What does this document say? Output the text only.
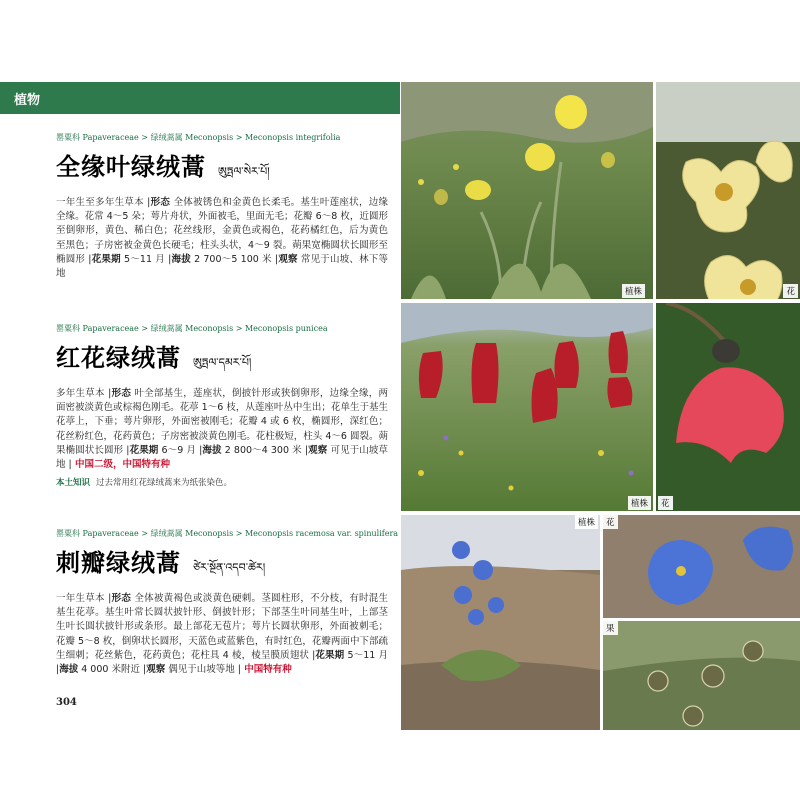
植物
罂粟科 Papaveraceae > 绿绒蒿属 Meconopsis > Meconopsis integrifolia
全缘叶绿绒蒿 ཨུཏྤལ་སེར་པོ།
一年生至多年生草本 |形态 全体被锈色和金黄色长柔毛。基生叶莲座状，边缘全缘。花常 4～5 朵；萼片舟状，外面被毛，里面无毛；花瓣 6～8 枚，近圆形至倒卵形，黄色、稀白色；花丝线形，金黄色或褐色，花药橘红色，后为黄色至黑色；子房密被金黄色长硬毛；柱头头状，4～9 裂。蒴果宽椭圆状长圆形至椭圆形 |花果期 5～11 月 |海拔 2 700～5 100 米 |观察 常见于山坡、林下等地
罂粟科 Papaveraceae > 绿绒蒿属 Meconopsis > Meconopsis punicea
红花绿绒蒿 ཨུཏྤལ་དམར་པོ།
多年生草本 |形态 叶全部基生，莲座状，倒披针形或狭倒卵形，边缘全缘，两面密被淡黄色或棕褐色刚毛。花葶 1～6 枝，从莲座叶丛中生出；花单生于基生花葶上，下垂；萼片卵形，外面密被刚毛；花瓣 4 或 6 枚，椭圆形，深红色；花丝粉红色，花药黄色；子房密被淡黄色刚毛。花柱极短，柱头 4～6 圆裂。蒴果椭圆状长圆形 |花果期 6～9 月 |海拔 2 800～4 300 米 |观察 可见于山坡草地 | 中国二级，中国特有种
本土知识 过去常用红花绿绒蒿来为纸张染色。
罂粟科 Papaveraceae > 绿绒蒿属 Meconopsis > Meconopsis racemosa var. spinulifera
刺瓣绿绒蒿 ཙེར་སྔོན་འདབ་ཚེར།
一年生草本 |形态 全体被黄褐色或淡黄色硬刺。茎圆柱形，不分枝，有时混生基生花葶。基生叶常长圆状披针形、倒披针形；下部茎生叶同基生叶，上部茎生叶长圆状披针形或条形。最上部花无苞片；萼片长圆状卵形，外面被刺毛；花瓣 5～8 枚，倒卵状长圆形，天蓝色或蓝紫色，有时红色，花瓣两面中下部疏生细刺；花丝紫色，花药黄色；花柱具 4 棱，棱呈膜质翅状 |花果期 5～11 月 |海拔 4 000 米附近 |观察 偶见于山坡等地 | 中国特有种
304
花
植株
植株	花
植株	花
果
